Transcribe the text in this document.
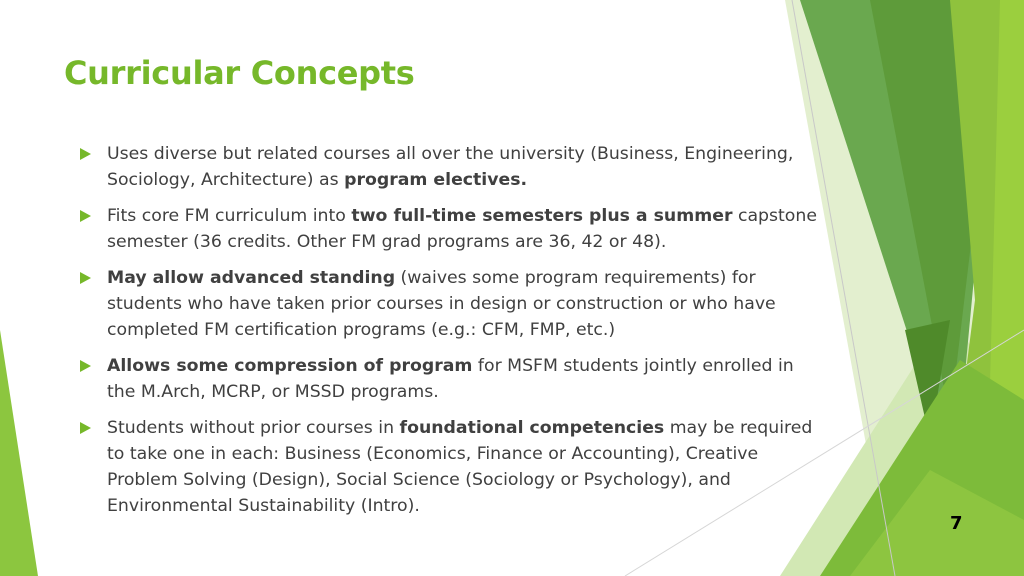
Curricular Concepts
Uses diverse but related courses all over the university (Business, Engineering, Sociology, Architecture) as program electives.
Fits core FM curriculum into two full-time semesters plus a summer capstone semester (36 credits. Other FM grad programs are 36, 42 or 48).
May allow advanced standing (waives some program requirements) for students who have taken prior courses in design or construction or who have completed FM certification programs (e.g.: CFM, FMP, etc.)
Allows some compression of program for MSFM students jointly enrolled in the M.Arch, MCRP, or MSSD programs.
Students without prior courses in foundational competencies may be required to take one in each: Business (Economics, Finance or Accounting), Creative Problem Solving (Design), Social Science (Sociology or Psychology), and Environmental Sustainability (Intro).
7
